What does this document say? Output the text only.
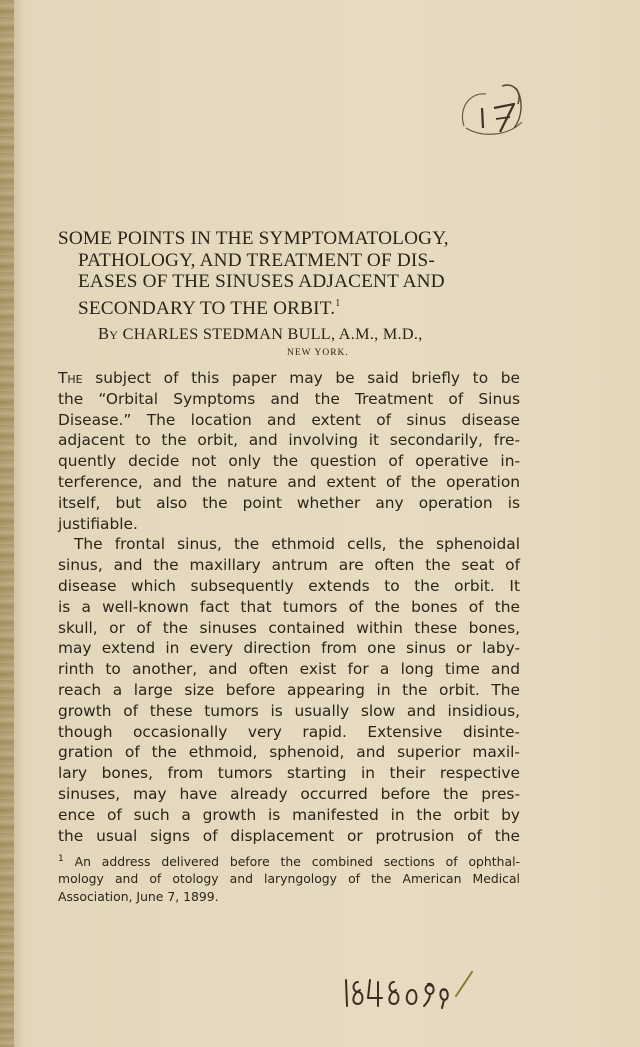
SOME POINTS IN THE SYMPTOMATOLOGY,
PATHOLOGY, AND TREATMENT OF DIS-
EASES OF THE SINUSES ADJACENT AND
SECONDARY TO THE ORBIT.$^1$
By CHARLES STEDMAN BULL, A.M., M.D.,
NEW YORK.

The subject of this paper may be said briefly to be
the “Orbital Symptoms and the Treatment of Sinus
Disease.” The location and extent of sinus disease
adjacent to the orbit, and involving it secondarily, fre-
quently decide not only the question of operative in-
terference, and the nature and extent of the operation
itself, but also the point whether any operation is
justifiable.

The frontal sinus, the ethmoid cells, the sphenoidal
sinus, and the maxillary antrum are often the seat of
disease which subsequently extends to the orbit. It
is a well-known fact that tumors of the bones of the
skull, or of the sinuses contained within these bones,
may extend in every direction from one sinus or laby-
rinth to another, and often exist for a long time and
reach a large size before appearing in the orbit. The
growth of these tumors is usually slow and insidious,
though occasionally very rapid. Extensive disinte-
gration of the ethmoid, sphenoid, and superior maxil-
lary bones, from tumors starting in their respective
sinuses, may have already occurred before the pres-
ence of such a growth is manifested in the orbit by
the usual signs of displacement or protrusion of the

$^1$ An address delivered before the combined sections of ophthal-
mology and of otology and laryngology of the American Medical
Association, June 7, 1899.
